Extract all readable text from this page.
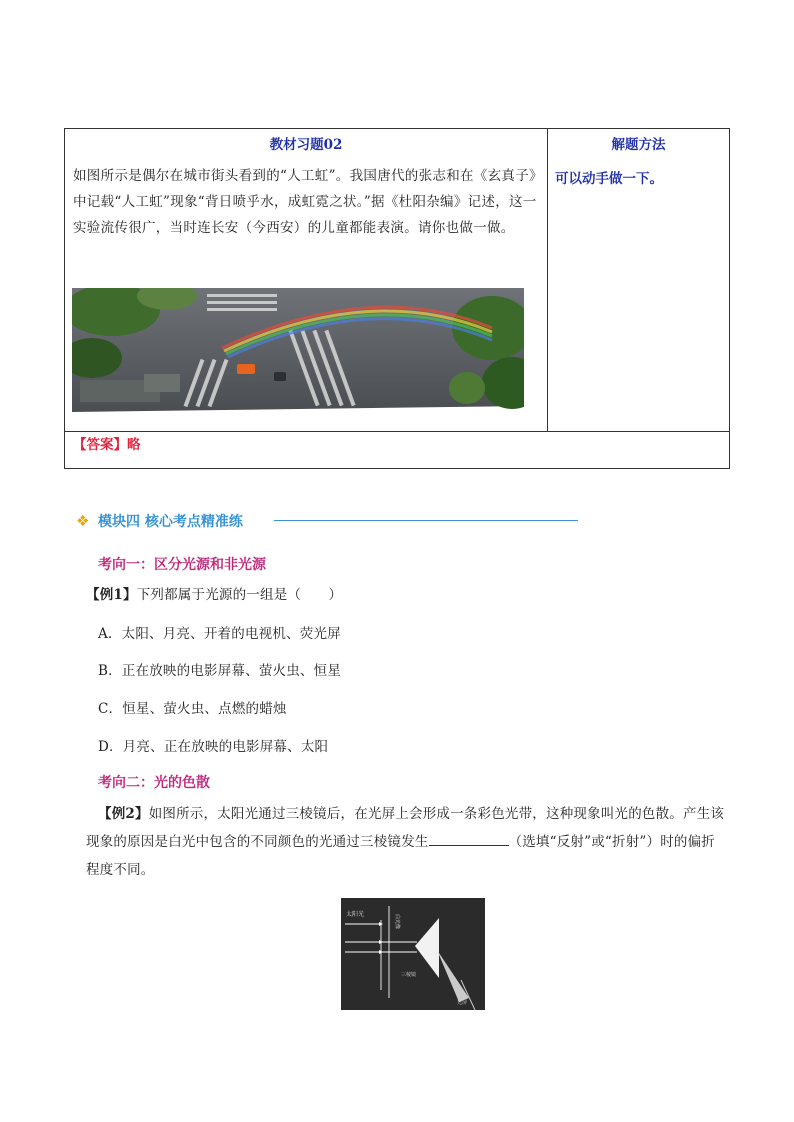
教材习题02	解题方法
如图所示是偶尔在城市街头看到的“人工虹”。我国唐代的张志和在《玄真子》中记载“人工虹”现象“背日喷乎水，成虹霓之状。”据《杜阳杂编》记述，这一实验流传很广，当时连长安（今西安）的儿童都能表演。请你也做一做。
可以动手做一下。
【答案】略
❖ 模块四 核心考点精准练
考向一：区分光源和非光源
【例1】下列都属于光源的一组是（　　）
A．太阳、月亮、开着的电视机、荧光屏
B．正在放映的电影屏幕、萤火虫、恒星
C．恒星、萤火虫、点燃的蜡烛
D．月亮、正在放映的电影屏幕、太阳
考向二：光的色散
【例2】如图所示，太阳光通过三棱镜后，在光屏上会形成一条彩色光带，这种现象叫光的色散。产生该现象的原因是白光中包含的不同颜色的光通过三棱镜发生	（选填“反射”或“折射”）时的偏折程度不同。
太阳光	白光像
三棱镜
光屏
